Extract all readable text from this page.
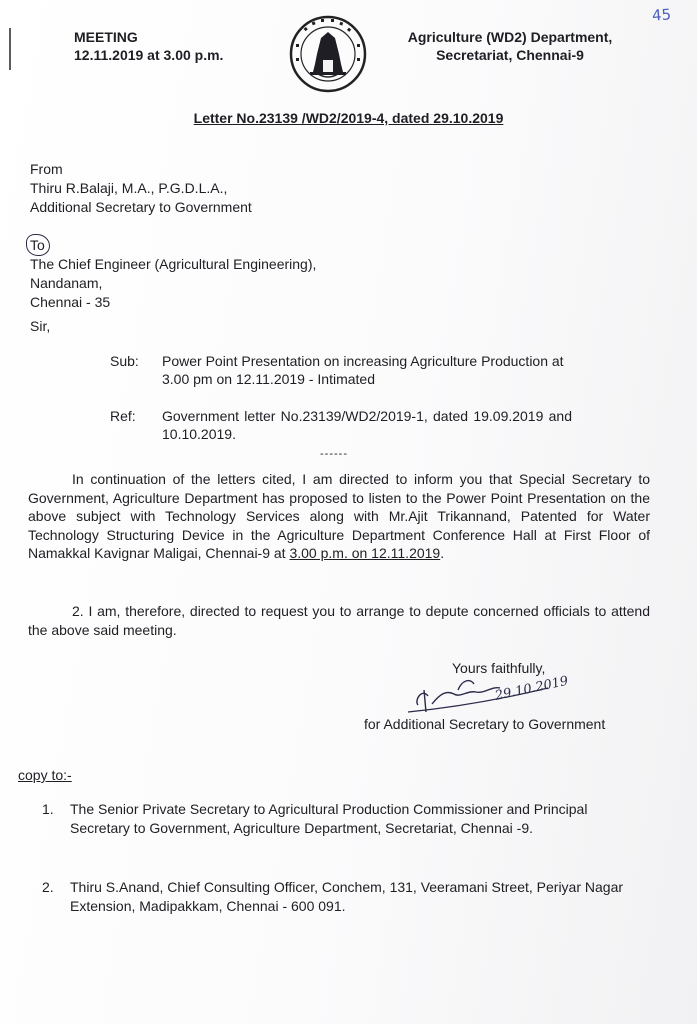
45
MEETING
12.11.2019 at 3.00 p.m.
Agriculture (WD2) Department,
Secretariat, Chennai-9
Letter No.23139 /WD2/2019-4, dated 29.10.2019
From
Thiru R.Balaji, M.A., P.G.D.L.A.,
Additional Secretary to Government
To
The Chief Engineer (Agricultural Engineering),
Nandanam,
Chennai - 35
Sir,
Sub:	Power Point Presentation on increasing Agriculture Production at 3.00 pm on 12.11.2019 - Intimated
Ref:	Government letter No.23139/WD2/2019-1, dated 19.09.2019 and 10.10.2019.
------
In continuation of the letters cited, I am directed to inform you that Special Secretary to Government, Agriculture Department has proposed to listen to the Power Point Presentation on the above subject with Technology Services along with Mr.Ajit Trikannand, Patented for Water Technology Structuring Device in the Agriculture Department Conference Hall at First Floor of Namakkal Kavignar Maligai, Chennai-9 at 3.00 p.m. on 12.11.2019.
2. I am, therefore, directed to request you to arrange to depute concerned officials to attend the above said meeting.
Yours faithfully,
29.10.2019
for Additional Secretary to Government
copy to:-
1.	The Senior Private Secretary to Agricultural Production Commissioner and Principal Secretary to Government, Agriculture Department, Secretariat, Chennai -9.
2.	Thiru S.Anand, Chief Consulting Officer, Conchem, 131, Veeramani Street, Periyar Nagar Extension, Madipakkam, Chennai - 600 091.
